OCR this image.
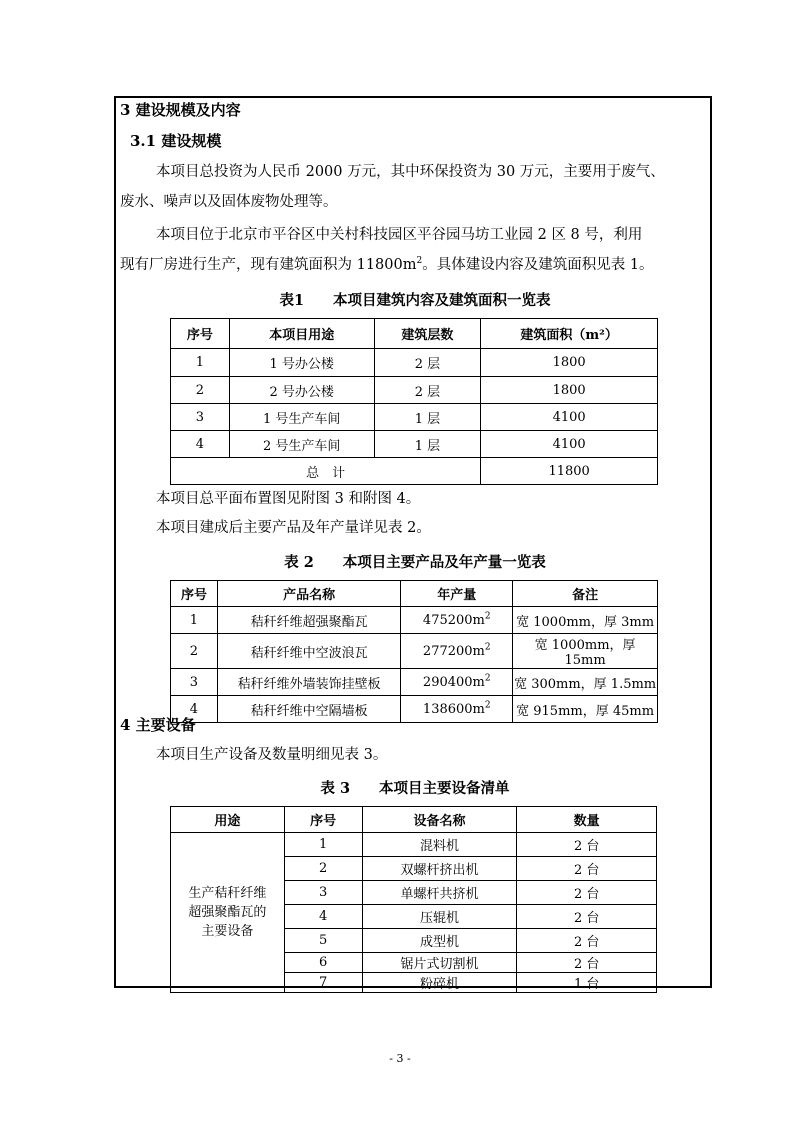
3 建设规模及内容
3.1 建设规模
本项目总投资为人民币 2000 万元，其中环保投资为 30 万元，主要用于废气、
废水、噪声以及固体废物处理等。
本项目位于北京市平谷区中关村科技园区平谷园马坊工业园 2 区 8 号，利用
现有厂房进行生产，现有建筑面积为 $11800m^2$。具体建设内容及建筑面积见表 1。
表1　　本项目建筑内容及建筑面积一览表
序号	本项目用途	建筑层数	建筑面积（m²）
1	1 号办公楼	2 层	1800
2	2 号办公楼	2 层	1800
3	1 号生产车间	1 层	4100
4	2 号生产车间	1 层	4100
总　计			11800
本项目总平面布置图见附图 3 和附图 4。
本项目建成后主要产品及年产量详见表 2。
表 2　　本项目主要产品及年产量一览表
序号	产品名称	年产量	备注
1	秸秆纤维超强聚酯瓦	$475200m^2$	宽 1000mm，厚 3mm
2	秸秆纤维中空波浪瓦	$277200m^2$	宽 1000mm，厚 15mm
3	秸秆纤维外墙装饰挂壁板	$290400m^2$	宽 300mm，厚 1.5mm
4	秸秆纤维中空隔墙板	$138600m^2$	宽 915mm，厚 45mm
4 主要设备
本项目生产设备及数量明细见表 3。
表 3　　本项目主要设备清单
用途	序号	设备名称	数量

生产秸秆纤维
超强聚酯瓦的
主要设备	1	混料机	2 台
	2	双螺杆挤出机	2 台
	3	单螺杆共挤机	2 台
	4	压辊机	2 台
	5	成型机	2 台
	6	锯片式切割机	2 台
	7	粉碎机	1 台
- 3 -
